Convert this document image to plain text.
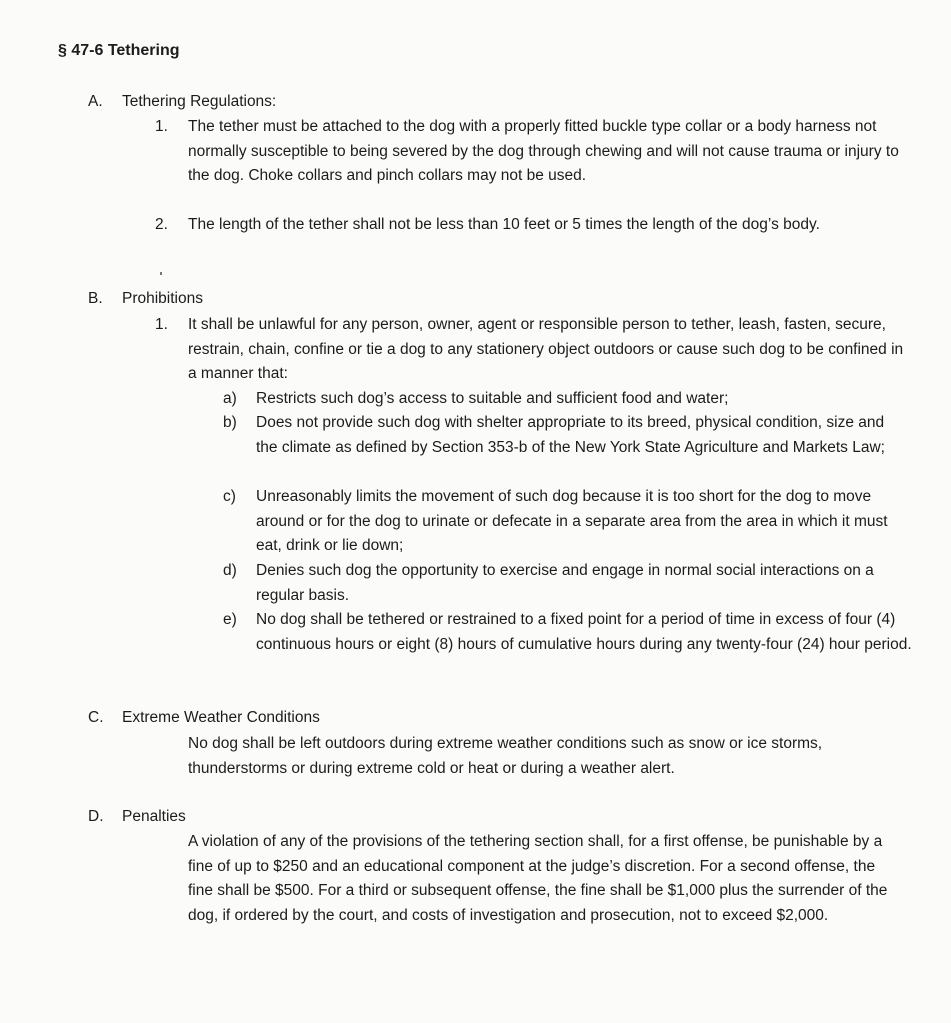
§ 47-6 Tethering
A. Tethering Regulations:
1. The tether must be attached to the dog with a properly fitted buckle type collar or a body harness not normally susceptible to being severed by the dog through chewing and will not cause trauma or injury to the dog. Choke collars and pinch collars may not be used.
2. The length of the tether shall not be less than 10 feet or 5 times the length of the dog’s body.
B. Prohibitions
1. It shall be unlawful for any person, owner, agent or responsible person to tether, leash, fasten, secure, restrain, chain, confine or tie a dog to any stationery object outdoors or cause such dog to be confined in a manner that:
a) Restricts such dog’s access to suitable and sufficient food and water;
b) Does not provide such dog with shelter appropriate to its breed, physical condition, size and the climate as defined by Section 353-b of the New York State Agriculture and Markets Law;
c) Unreasonably limits the movement of such dog because it is too short for the dog to move around or for the dog to urinate or defecate in a separate area from the area in which it must eat, drink or lie down;
d) Denies such dog the opportunity to exercise and engage in normal social interactions on a regular basis.
e) No dog shall be tethered or restrained to a fixed point for a period of time in excess of four (4) continuous hours or eight (8) hours of cumulative hours during any twenty-four (24) hour period.
C. Extreme Weather Conditions
No dog shall be left outdoors during extreme weather conditions such as snow or ice storms, thunderstorms or during extreme cold or heat or during a weather alert.
D. Penalties
A violation of any of the provisions of the tethering section shall, for a first offense, be punishable by a fine of up to $250 and an educational component at the judge’s discretion. For a second offense, the fine shall be $500. For a third or subsequent offense, the fine shall be $1,000 plus the surrender of the dog, if ordered by the court, and costs of investigation and prosecution, not to exceed $2,000.
